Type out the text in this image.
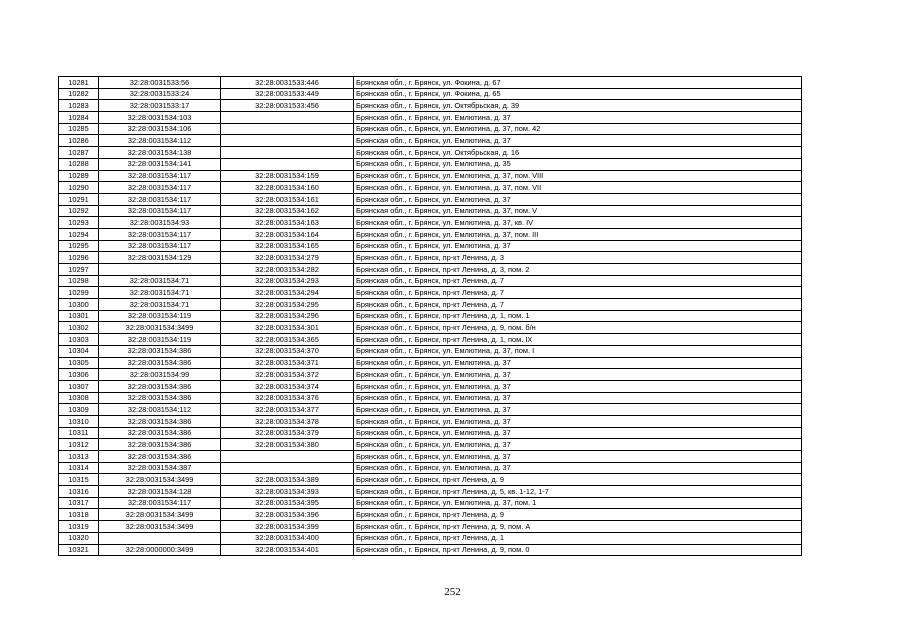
10281	32:28:0031533:56	32:28:0031533:446	Брянская обл., г. Брянск, ул. Фокина, д. 67
10282	32:28:0031533:24	32:28:0031533:449	Брянская обл., г. Брянск, ул. Фокина, д. 65
10283	32:28:0031533:17	32:28:0031533:456	Брянская обл., г. Брянск, ул. Октябрьская, д. 39
10284	32:28:0031534:103		Брянская обл., г. Брянск, ул. Емлютина, д. 37
10285	32:28:0031534:106		Брянская обл., г. Брянск, ул. Емлютина, д. 37, пом. 42
10286	32:28:0031534:112		Брянская обл., г. Брянск, ул. Емлютина, д. 37
10287	32:28:0031534:138		Брянская обл., г. Брянск, ул. Октябрьская, д. 16
10288	32:28:0031534:141		Брянская обл., г. Брянск, ул. Емлютина, д. 35
10289	32:28:0031534:117	32:28:0031534:159	Брянская обл., г. Брянск, ул. Емлютина, д. 37, пом. VIII
10290	32:28:0031534:117	32:28:0031534:160	Брянская обл., г. Брянск, ул. Емлютина, д. 37, пом. VII
10291	32:28:0031534:117	32:28:0031534:161	Брянская обл., г. Брянск, ул. Емлютина, д. 37
10292	32:28:0031534:117	32:28:0031534:162	Брянская обл., г. Брянск, ул. Емлютина, д. 37, пом. V
10293	32:28:0031534:93	32:28:0031534:163	Брянская обл., г. Брянск, ул. Емлютина, д. 37, кв. IV
10294	32:28:0031534:117	32:28:0031534:164	Брянская обл., г. Брянск, ул. Емлютина, д. 37, пом. III
10295	32:28:0031534:117	32:28:0031534:165	Брянская обл., г. Брянск, ул. Емлютина, д. 37
10296	32:28:0031534:129	32:28:0031534:279	Брянская обл., г. Брянск, пр-кт Ленина, д. 3
10297		32:28:0031534:282	Брянская обл., г. Брянск, пр-кт Ленина, д. 3, пом. 2
10298	32:28:0031534:71	32:28:0031534:293	Брянская обл., г. Брянск, пр-кт Ленина, д. 7
10299	32:28:0031534:71	32:28:0031534:294	Брянская обл., г. Брянск, пр-кт Ленина, д. 7
10300	32:28:0031534:71	32:28:0031534:295	Брянская обл., г. Брянск, пр-кт Ленина, д. 7
10301	32:28:0031534:119	32:28:0031534:296	Брянская обл., г. Брянск, пр-кт Ленина, д. 1, пом. 1
10302	32:28:0031534:3499	32:28:0031534:301	Брянская обл., г. Брянск, пр-кт Ленина, д. 9, пом. б/н
10303	32:28:0031534:119	32:28:0031534:365	Брянская обл., г. Брянск, пр-кт Ленина, д. 1, пом. IX
10304	32:28:0031534:386	32:28:0031534:370	Брянская обл., г. Брянск, ул. Емлютина, д. 37, пом. I
10305	32:28:0031534:386	32:28:0031534:371	Брянская обл., г. Брянск, ул. Емлютина, д. 37
10306	32:28:0031534:99	32:28:0031534:372	Брянская обл., г. Брянск, ул. Емлютина, д. 37
10307	32:28:0031534:386	32:28:0031534:374	Брянская обл., г. Брянск, ул. Емлютина, д. 37
10308	32:28:0031534:386	32:28:0031534:376	Брянская обл., г. Брянск, ул. Емлютина, д. 37
10309	32:28:0031534:112	32:28:0031534:377	Брянская обл., г. Брянск, ул. Емлютина, д. 37
10310	32:28:0031534:386	32:28:0031534:378	Брянская обл., г. Брянск, ул. Емлютина, д. 37
10311	32:28:0031534:386	32:28:0031534:379	Брянская обл., г. Брянск, ул. Емлютина, д. 37
10312	32:28:0031534:386	32:28:0031534:380	Брянская обл., г. Брянск, ул. Емлютина, д. 37
10313	32:28:0031534:386		Брянская обл., г. Брянск, ул. Емлютина, д. 37
10314	32:28:0031534:387		Брянская обл., г. Брянск, ул. Емлютина, д. 37
10315	32:28:0031534:3499	32:28:0031534:389	Брянская обл., г. Брянск, пр-кт Ленина, д. 9
10316	32:28:0031534:128	32:28:0031534:393	Брянская обл., г. Брянск, пр-кт Ленина, д. 5, кв. 1-12, 1-7
10317	32:28:0031534:117	32:28:0031534:395	Брянская обл., г. Брянск, ул. Емлютина, д. 37, пом. 1
10318	32:28:0031534:3499	32:28:0031534:396	Брянская обл., г. Брянск, пр-кт Ленина, д. 9
10319	32:28:0031534:3499	32:28:0031534:399	Брянская обл., г. Брянск, пр-кт Ленина, д. 9, пом. А
10320		32:28:0031534:400	Брянская обл., г. Брянск, пр-кт Ленина, д. 1
10321	32:28:0000000:3499	32:28:0031534:401	Брянская обл., г. Брянск, пр-кт Ленина, д. 9, пом. 0
252
